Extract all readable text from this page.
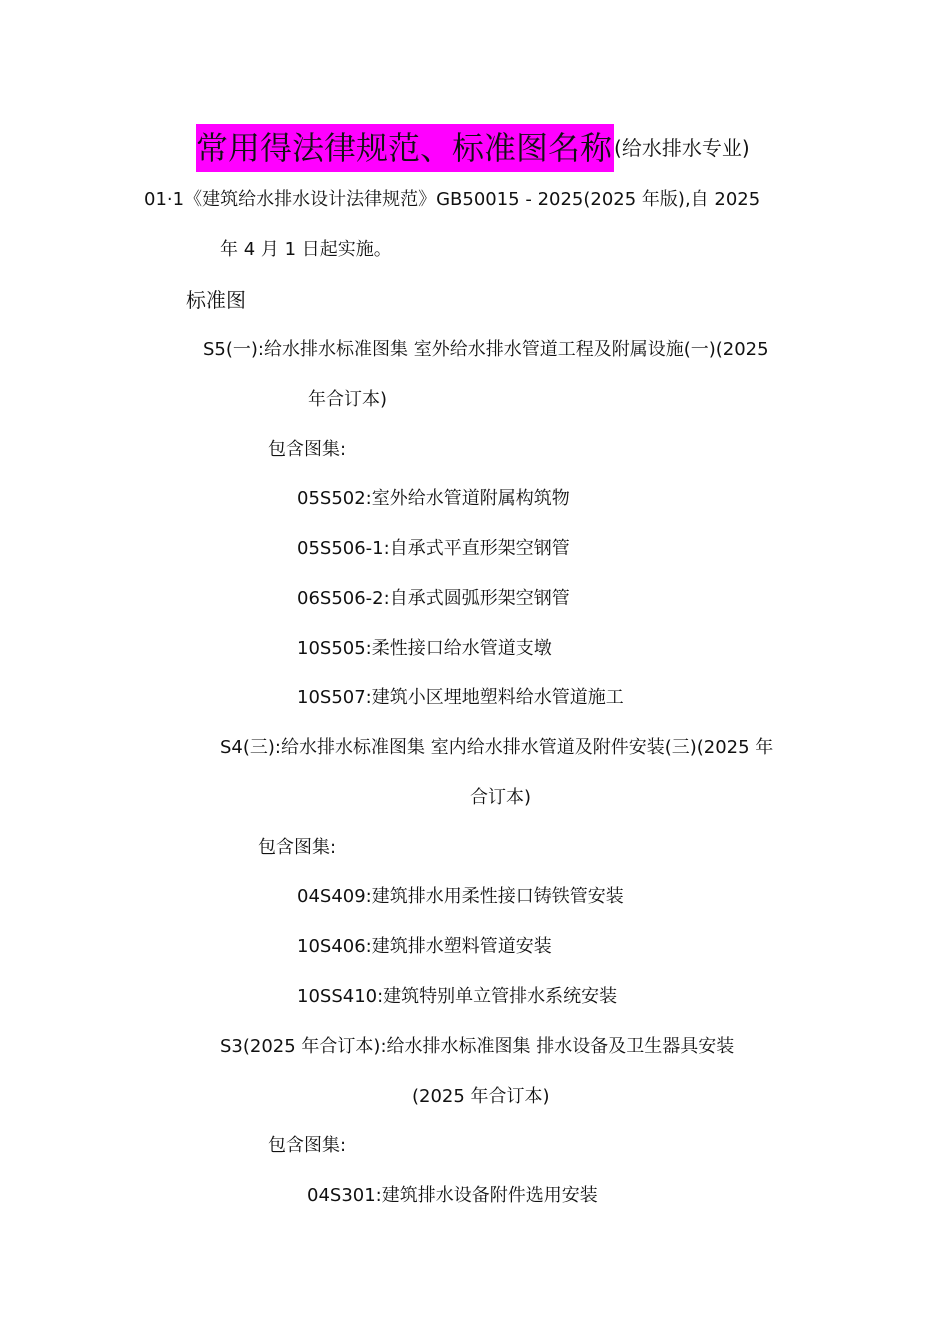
常用得法律规范、标准图名称 (给水排水专业)
01·1《建筑给水排水设计法律规范》GB50015 - 2025(2025 年版),自 2025
年 4 月 1 日起实施。
标准图
S5(一):给水排水标准图集 室外给水排水管道工程及附属设施(一)(2025
年合订本)
包含图集:
05S502:室外给水管道附属构筑物
05S506-1:自承式平直形架空钢管
06S506-2:自承式圆弧形架空钢管
10S505:柔性接口给水管道支墩
10S507:建筑小区埋地塑料给水管道施工
S4(三):给水排水标准图集 室内给水排水管道及附件安装(三)(2025 年
合订本)
包含图集:
04S409:建筑排水用柔性接口铸铁管安装
10S406:建筑排水塑料管道安装
10SS410:建筑特别单立管排水系统安装
S3(2025 年合订本):给水排水标准图集 排水设备及卫生器具安装
(2025 年合订本)
包含图集:
04S301:建筑排水设备附件选用安装
